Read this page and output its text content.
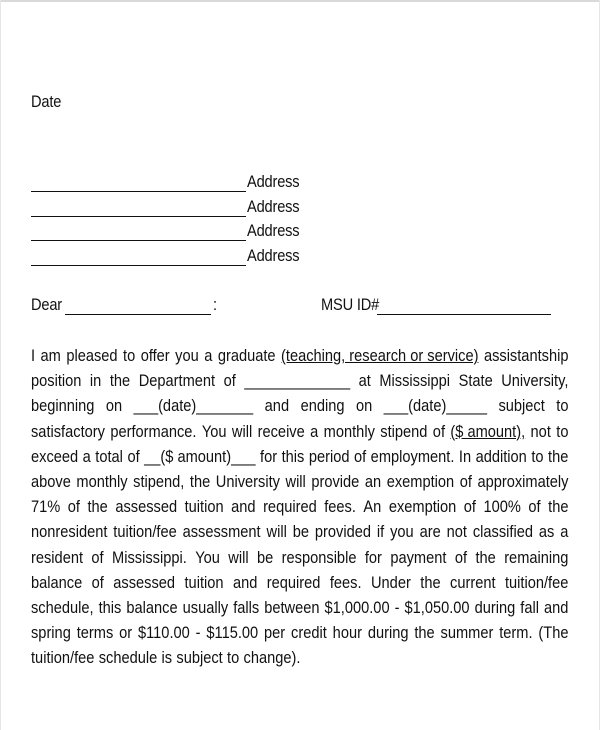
Date
Address
Address
Address
Address
Dear	:	MSU ID#
I am pleased to offer you a graduate (teaching, research or service) assistantship
position in the Department of _____________ at Mississippi State University,
beginning on ___(date)_______ and ending on ___(date)_____ subject to
satisfactory performance. You will receive a monthly stipend of ($ amount), not to
exceed a total of __($ amount)___ for this period of employment. In addition to the
above monthly stipend, the University will provide an exemption of approximately
71% of the assessed tuition and required fees. An exemption of 100% of the
nonresident tuition/fee assessment will be provided if you are not classified as a
resident of Mississippi. You will be responsible for payment of the remaining
balance of assessed tuition and required fees. Under the current tuition/fee
schedule, this balance usually falls between $1,000.00 - $1,050.00 during fall and
spring terms or $110.00 - $115.00 per credit hour during the summer term. (The
tuition/fee schedule is subject to change).
